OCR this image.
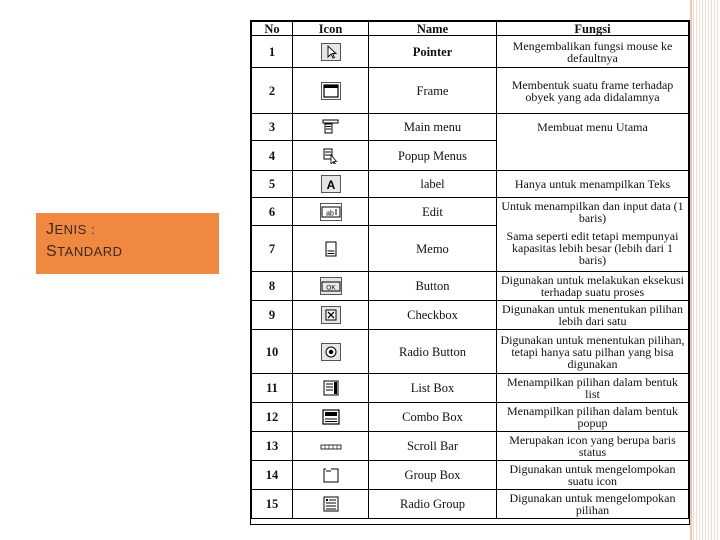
JENIS :
STANDARD
No	Icon	Name	Fungsi
1		Pointer	Mengembalikan fungsi mouse ke defaultnya
2		Frame	Membentuk suatu frame terhadap obyek yang ada didalamnya
3		Main menu	Membuat menu Utama
4		Popup Menus	
5	A	label	Hanya untuk menampilkan Teks
6	ab	Edit	Untuk menampilkan dan input data (1 baris)
7		Memo	Sama seperti edit tetapi mempunyai kapasitas lebih besar (lebih dari 1 baris)
8	OK	Button	Digunakan untuk melakukan eksekusi terhadap suatu proses
9		Checkbox	Digunakan untuk menentukan pilihan lebih dari satu
10		Radio Button	Digunakan untuk menentukan pilihan, tetapi hanya satu pilhan yang bisa digunakan
11		List Box	Menampilkan pilihan dalam bentuk list
12		Combo Box	Menampilkan pilihan dalam bentuk popup
13		Scroll Bar	Merupakan icon yang berupa baris status
14		Group Box	Digunakan untuk mengelompokan suatu icon
15		Radio Group	Digunakan untuk mengelompokan pilihan
